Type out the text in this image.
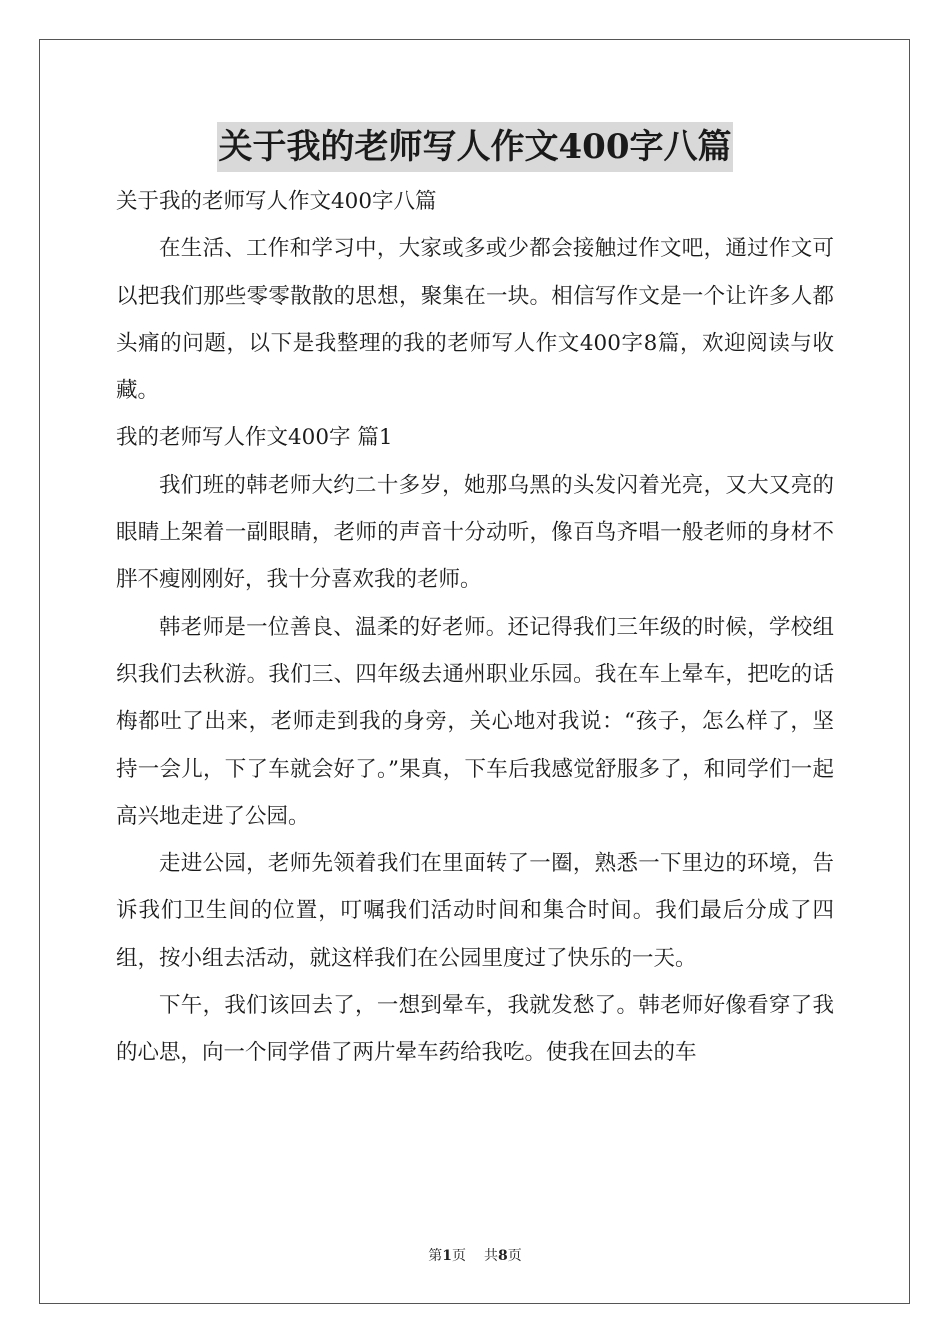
关于我的老师写人作文400字八篇

关于我的老师写人作文400字八篇

在生活、工作和学习中，大家或多或少都会接触过作文吧，通过作文可以把我们那些零零散散的思想，聚集在一块。相信写作文是一个让许多人都头痛的问题，以下是我整理的我的老师写人作文400字8篇，欢迎阅读与收藏。

我的老师写人作文400字 篇1

我们班的韩老师大约二十多岁，她那乌黑的头发闪着光亮，又大又亮的眼睛上架着一副眼睛，老师的声音十分动听，像百鸟齐唱一般老师的身材不胖不瘦刚刚好，我十分喜欢我的老师。

韩老师是一位善良、温柔的好老师。还记得我们三年级的时候，学校组织我们去秋游。我们三、四年级去通州职业乐园。我在车上晕车，把吃的话梅都吐了出来，老师走到我的身旁，关心地对我说：“孩子，怎么样了，坚持一会儿，下了车就会好了。”果真，下车后我感觉舒服多了，和同学们一起高兴地走进了公园。

走进公园，老师先领着我们在里面转了一圈，熟悉一下里边的环境，告诉我们卫生间的位置，叮嘱我们活动时间和集合时间。我们最后分成了四组，按小组去活动，就这样我们在公园里度过了快乐的一天。

下午，我们该回去了，一想到晕车，我就发愁了。韩老师好像看穿了我的心思，向一个同学借了两片晕车药给我吃。使我在回去的车

第1页 共8页
